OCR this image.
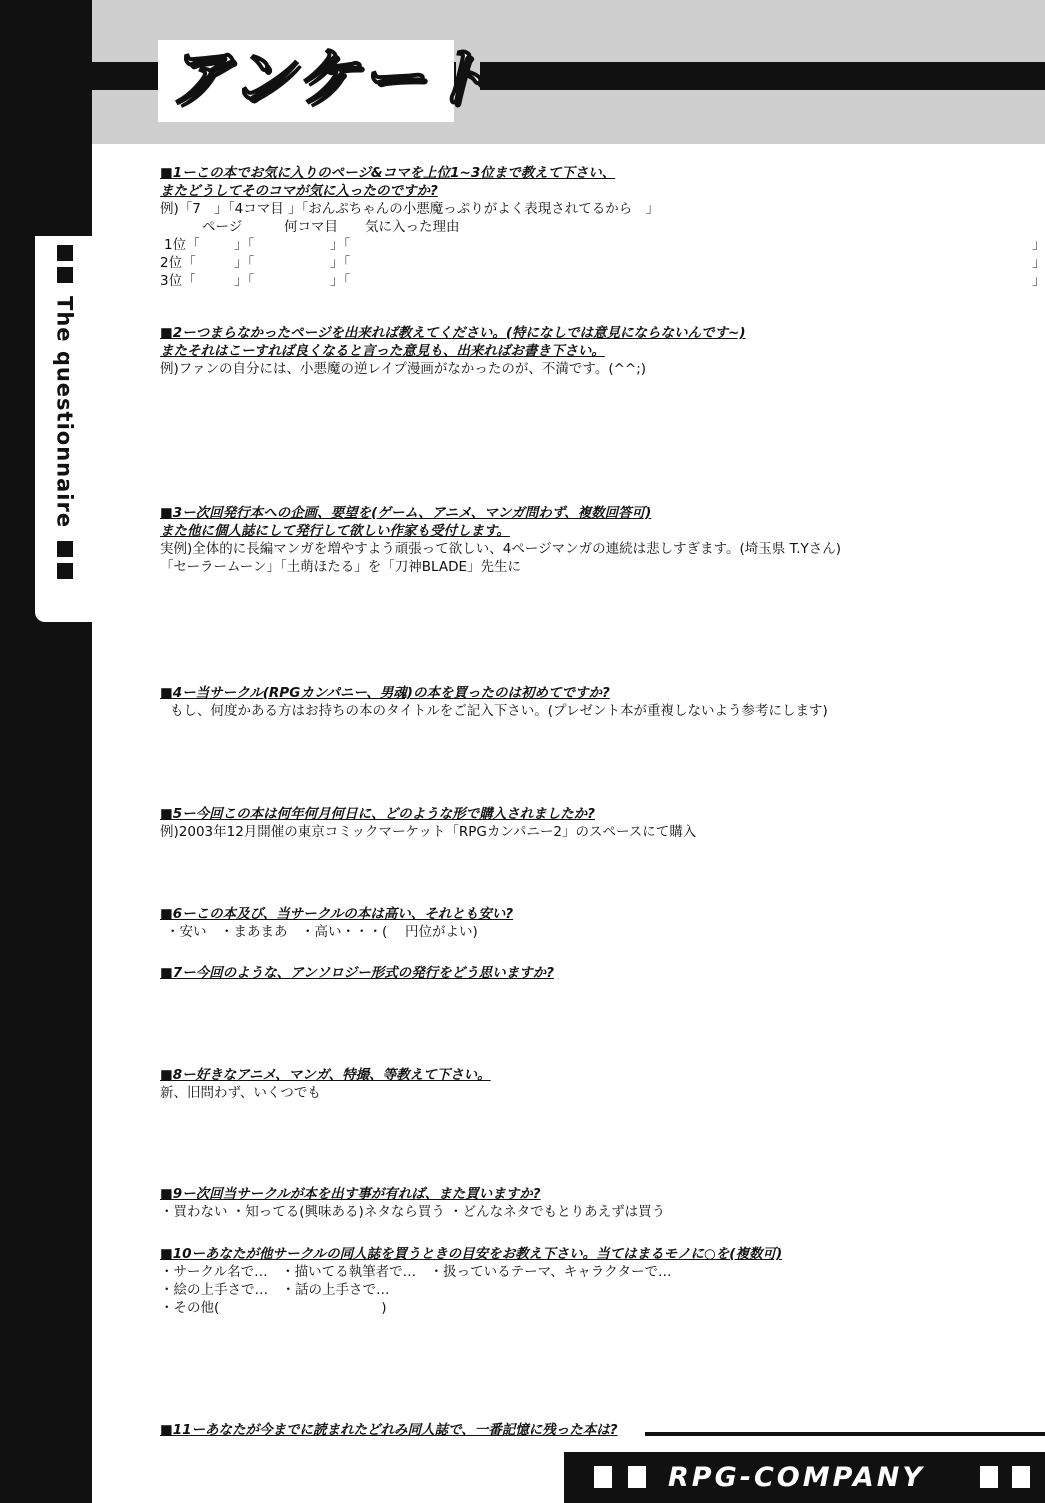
The questionnaire
アンケート
■1ーこの本でお気に入りのページ&コマを上位1~3位まで教えて下さい、
またどうしてそのコマが気に入ったのですか?
例)「7　」「4コマ目 」「おんぷちゃんの小悪魔っぷりがよく表現されてるから　」
ページ	何コマ目 気に入った理由
1位「	」「	」「	」
2位「	」「	」「	」
3位「	」「	」「	」
■2ーつまらなかったページを出来れば教えてください。(特になしでは意見にならないんです~)
またそれはこーすれば良くなると言った意見も、出来ればお書き下さい。
例)ファンの自分には、小悪魔の逆レイプ漫画がなかったのが、不満です。(^^;)
■3ー次回発行本への企画、要望を(ゲーム、アニメ、マンガ問わず、複数回答可)
また他に個人誌にして発行して欲しい作家も受付します。
実例)全体的に長編マンガを増やすよう頑張って欲しい、4ページマンガの連続は悲しすぎます。(埼玉県 T.Yさん)
「セーラームーン」「土萌ほたる」を「刀神BLADE」先生に
■4ー当サークル(RPGカンパニー、男魂)の本を買ったのは初めてですか?
もし、何度かある方はお持ちの本のタイトルをご記入下さい。(プレゼント本が重複しないよう参考にします)
■5ー今回この本は何年何月何日に、どのような形で購入されましたか?
例)2003年12月開催の東京コミックマーケット「RPGカンパニー2」のスペースにて購入
■6ーこの本及び、当サークルの本は高い、それとも安い?
・安い　・まあまあ　・高い・・・(　 円位がよい)
■7ー今回のような、アンソロジー形式の発行をどう思いますか?
■8ー好きなアニメ、マンガ、特撮、等教えて下さい。
新、旧問わず、いくつでも
■9ー次回当サークルが本を出す事が有れば、また買いますか?
・買わない ・知ってる(興味ある)ネタなら買う ・どんなネタでもとりあえずは買う
■10ーあなたが他サークルの同人誌を買うときの目安をお教え下さい。当てはまるモノに○を(複数可)
・サークル名で…　・描いてる執筆者で…　・扱っているテーマ、キャラクターで…
・絵の上手さで…　・話の上手さで…
・その他(　　　　　　　　　　　　)
■11ーあなたが今までに読まれたどれみ同人誌で、一番記憶に残った本は?
RPG-COMPANY
